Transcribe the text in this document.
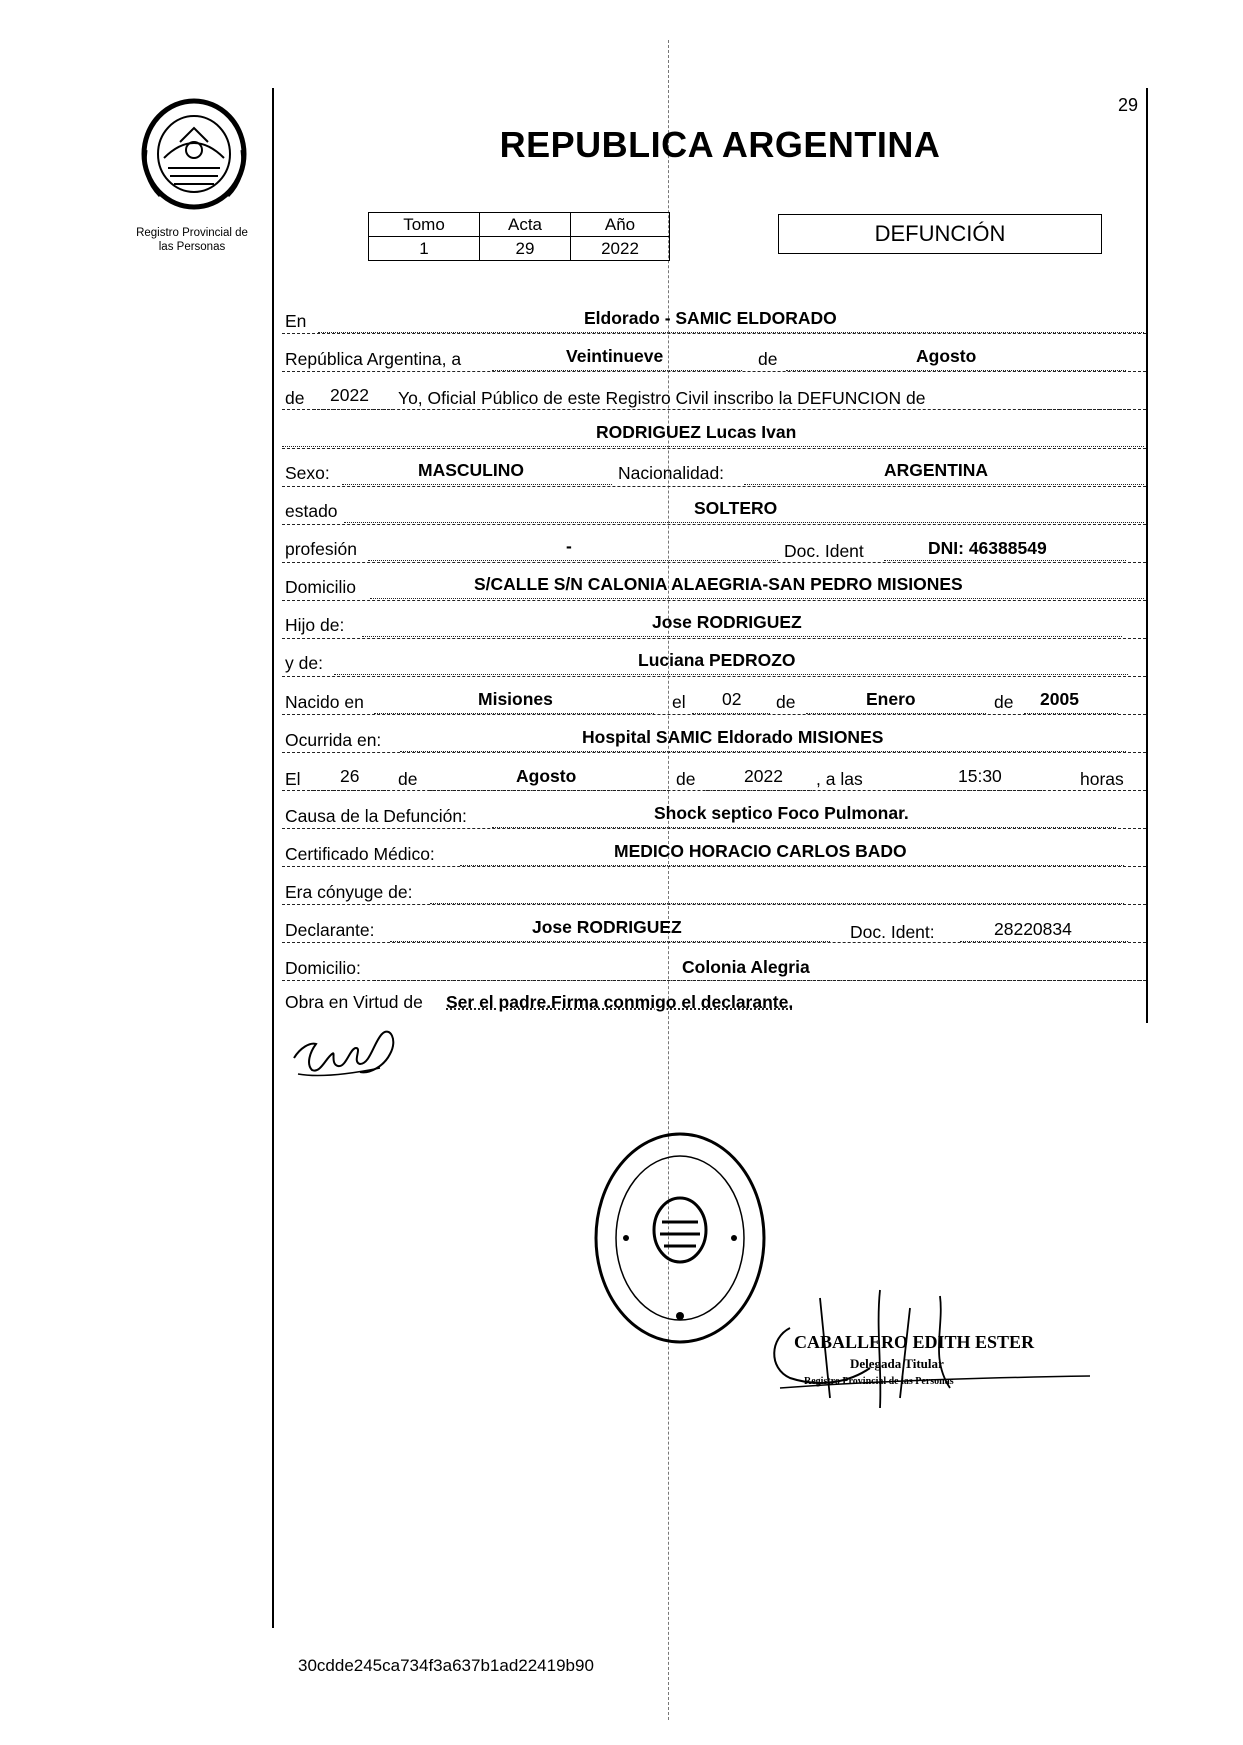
29
Registro Provincial de
las Personas
REPUBLICA ARGENTINA
Tomo	Acta	Año
1	29	2022
DEFUNCIÓN
En	Eldorado - SAMIC ELDORADO
República Argentina, a	Veintinueve	de	Agosto
de 2022 Yo, Oficial Público de este Registro Civil inscribo la DEFUNCION de
RODRIGUEZ Lucas Ivan
Sexo:	MASCULINO	Nacionalidad:	ARGENTINA
estado	SOLTERO
profesión	-	Doc. Ident	DNI: 46388549
Domicilio	S/CALLE S/N CALONIA ALAEGRIA-SAN PEDRO MISIONES
Hijo de:	Jose RODRIGUEZ
y de:	Luciana PEDROZO
Nacido en	Misiones	el 02 de	Enero	de 2005
Ocurrida en:	Hospital SAMIC Eldorado MISIONES
El 26 de	Agosto	de	2022 , a las	15:30	horas
Causa de la Defunción:	Shock septico Foco Pulmonar.
Certificado Médico:	MEDICO HORACIO CARLOS BADO
Era cónyuge de:
Declarante:	Jose RODRIGUEZ	Doc. Ident:	28220834
Domicilio:	Colonia Alegria
Obra en Virtud de Ser el padre.Firma conmigo el declarante.
CABALLERO EDITH ESTER
Delegada Titular
Registro Provincial de las Personas
30cdde245ca734f3a637b1ad22419b90
